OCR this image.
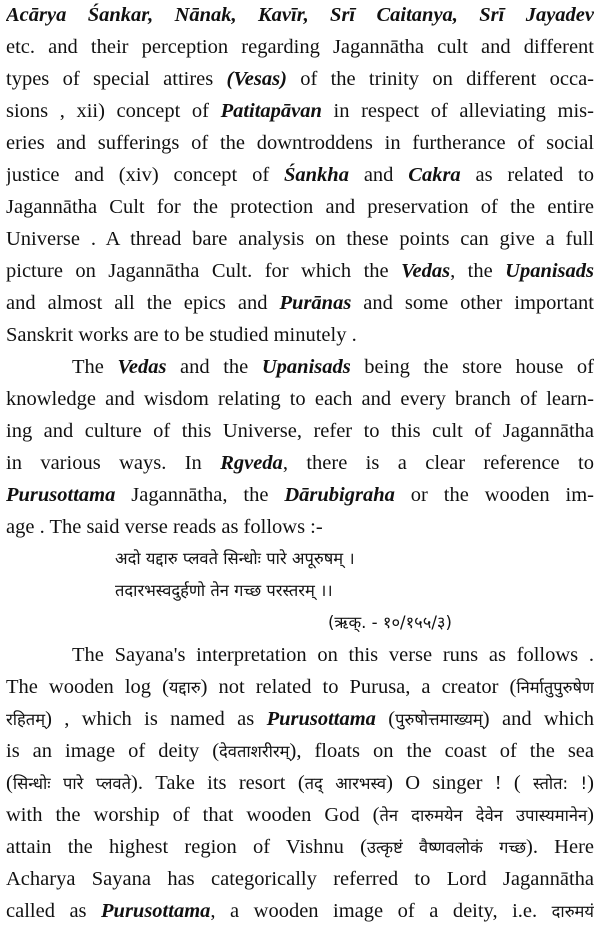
Acārya Śankar, Nānak, Kavīr, Srī Caitanya, Srī Jayadev
etc. and their perception regarding Jagannātha cult and different
types of special attires (Vesas) of the trinity on different occa-
sions , xii) concept of Patitapāvan in respect of alleviating mis-
eries and sufferings of the downtroddens in furtherance of social
justice and (xiv) concept of Śankha and Cakra as related to
Jagannātha Cult for the protection and preservation of the entire
Universe . A thread bare analysis on these points can give a full
picture on Jagannātha Cult. for which the Vedas, the Upanisads
and almost all the epics and Purānas and some other important
Sanskrit works are to be studied minutely .
The Vedas and the Upanisads being the store house of
knowledge and wisdom relating to each and every branch of learn-
ing and culture of this Universe, refer to this cult of Jagannātha
in various ways. In Rgveda, there is a clear reference to
Purusottama Jagannātha, the Dārubigraha or the wooden im-
age . The said verse reads as follows :-
अदो यद्दारु प्लवते सिन्धोः पारे अपूरुषम् ।
तदारभस्वदुर्हणो तेन गच्छ परस्तरम् ।।
(ऋक्. - १०/१५५/३)
The Sayana's interpretation on this verse runs as follows .
The wooden log (यद्दारु) not related to Purusa, a creator (निर्मातुपुरुषेण
रहितम्) , which is named as Purusottama (पुरुषोत्तमाख्यम्) and which
is an image of deity (देवताशरीरम्), floats on the coast of the sea
(सिन्धोः पारे प्लवते). Take its resort (तद् आरभस्व) O singer ! ( स्तोत: !)
with the worship of that wooden God (तेन दारुमयेन देवेन उपास्यमानेन)
attain the highest region of Vishnu (उत्कृष्टं वैष्णवलोकं गच्छ). Here
Acharya Sayana has categorically referred to Lord Jagannātha
called as Purusottama, a wooden image of a deity, i.e. दारुमयं
